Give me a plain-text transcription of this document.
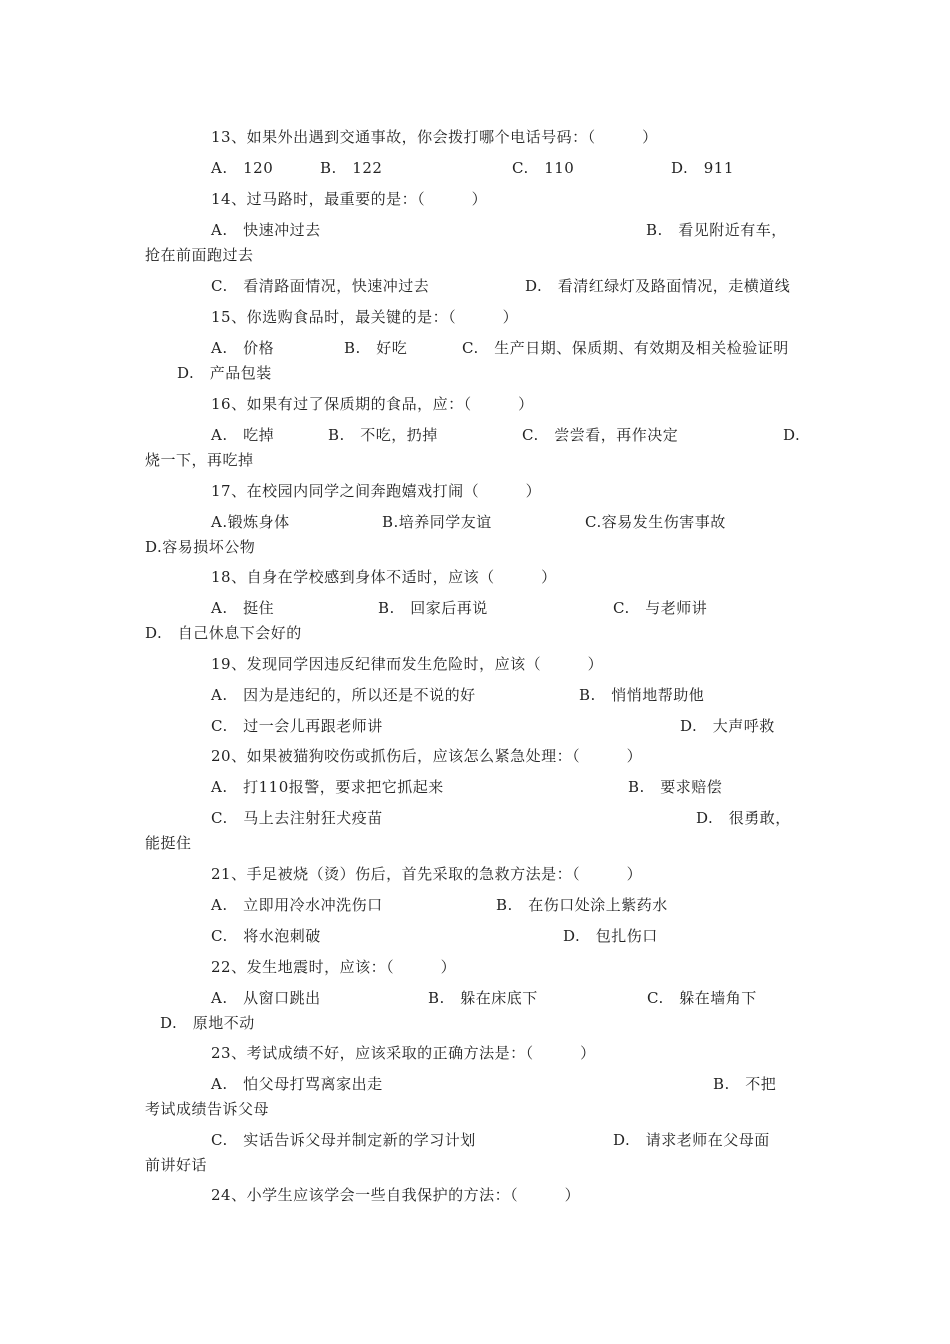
13、如果外出遇到交通事故，你会拨打哪个电话号码：（　　　）
A.　120	B.　122	C.　110	D.　911
14、过马路时，最重要的是：（　　　）
A.　快速冲过去	B.　看见附近有车，
抢在前面跑过去
C.　看清路面情况，快速冲过去	D.　看清红绿灯及路面情况，走横道线
15、你选购食品时，最关键的是：（　　　）
A.　价格	B.　好吃	C.　生产日期、保质期、有效期及相关检验证明
D.　产品包装
16、如果有过了保质期的食品，应：（　　　）
A.　吃掉	B.　不吃，扔掉	C.　尝尝看，再作决定	D.
烧一下，再吃掉
17、在校园内同学之间奔跑嬉戏打闹（　　　）
A.锻炼身体	B.培养同学友谊	C.容易发生伤害事故
D.容易损坏公物
18、自身在学校感到身体不适时，应该（　　　）
A.　挺住	B.　回家后再说	C.　与老师讲
D.　自己休息下会好的
19、发现同学因违反纪律而发生危险时，应该（　　　）
A.　因为是违纪的，所以还是不说的好	B.　悄悄地帮助他
C.　过一会儿再跟老师讲	D.　大声呼救
20、如果被猫狗咬伤或抓伤后，应该怎么紧急处理：（　　　）
A.　打110报警，要求把它抓起来	B.　要求赔偿
C.　马上去注射狂犬疫苗	D.　很勇敢，
能挺住
21、手足被烧（烫）伤后，首先采取的急救方法是：（　　　）
A.　立即用冷水冲洗伤口	B.　在伤口处涂上紫药水
C.　将水泡刺破	D.　包扎伤口
22、发生地震时，应该：（　　　）
A.　从窗口跳出	B.　躲在床底下	C.　躲在墙角下
D.　原地不动
23、考试成绩不好，应该采取的正确方法是：（　　　）
A.　怕父母打骂离家出走	B.　不把
考试成绩告诉父母
C.　实话告诉父母并制定新的学习计划	D.　请求老师在父母面
前讲好话
24、小学生应该学会一些自我保护的方法：（　　　）
